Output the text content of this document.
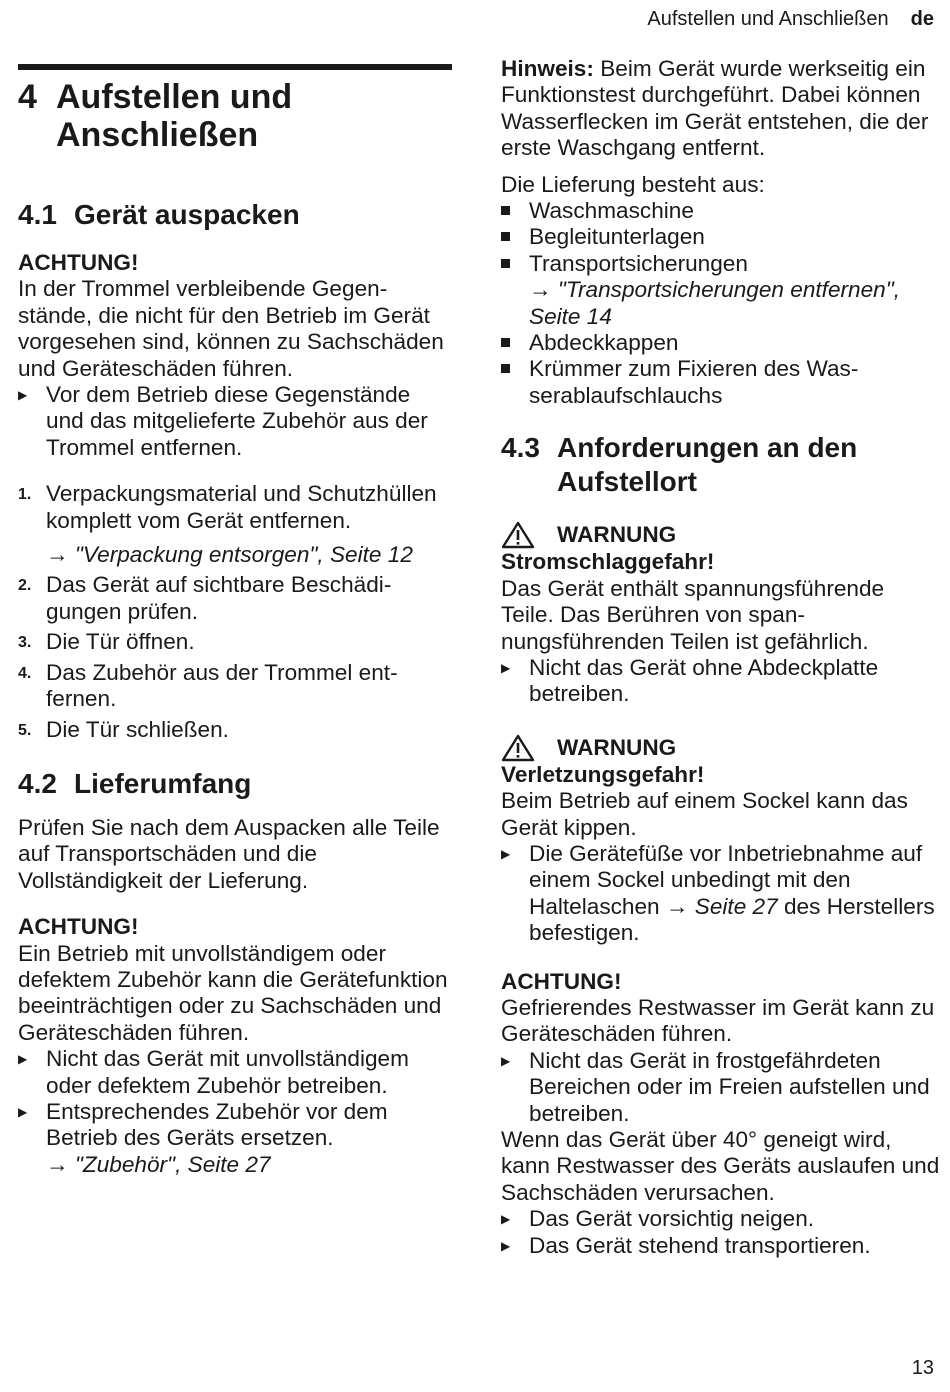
Aufstellen und Anschließen de
4 Aufstellen und
Anschließen
4.1 Gerät auspacken

ACHTUNG!

In der Trommel verbleibende Gegenstände, die nicht für den Betrieb im Gerät vorgesehen sind, können zu Sachschäden und Geräteschäden führen.

▶ Vor dem Betrieb diese Gegenstände und das mitgelieferte Zubehör aus der Trommel entfernen.

1. Verpackungsmaterial und Schutzhüllen komplett vom Gerät entfernen.

→ "Verpackung entsorgen", Seite 12

2. Das Gerät auf sichtbare Beschädigungen prüfen.

3. Die Tür öffnen.

4. Das Zubehör aus der Trommel entfernen.

5. Die Tür schließen.

4.2 Lieferumfang

Prüfen Sie nach dem Auspacken alle Teile auf Transportschäden und die Vollständigkeit der Lieferung.

ACHTUNG!

Ein Betrieb mit unvollständigem oder defektem Zubehör kann die Gerätefunktion beeinträchtigen oder zu Sachschäden und Geräteschäden führen.

▶ Nicht das Gerät mit unvollständigem oder defektem Zubehör betreiben.

▶ Entsprechendes Zubehör vor dem Betrieb des Geräts ersetzen.

→ "Zubehör", Seite 27

Hinweis: Beim Gerät wurde werkseitig ein Funktionstest durchgeführt. Dabei können Wasserflecken im Gerät entstehen, die der erste Waschgang entfernt.

Die Lieferung besteht aus:

Waschmaschine

Begleitunterlagen

Transportsicherungen

→ "Transportsicherungen entfernen", Seite 14

Abdeckkappen

Krümmer zum Fixieren des Wasserablaufschlauchs

4.3 Anforderungen an den
Aufstellort
WARNUNG

Stromschlaggefahr!

Das Gerät enthält spannungsführende Teile. Das Berühren von spannungsführenden Teilen ist gefährlich.

▶ Nicht das Gerät ohne Abdeckplatte betreiben.

WARNUNG

Verletzungsgefahr!

Beim Betrieb auf einem Sockel kann das Gerät kippen.

▶ Die Gerätefüße vor Inbetriebnahme auf einem Sockel unbedingt mit den Haltelaschen → Seite 27 des Herstellers befestigen.

ACHTUNG!

Gefrierendes Restwasser im Gerät kann zu Geräteschäden führen.

▶ Nicht das Gerät in frostgefährdeten Bereichen oder im Freien aufstellen und betreiben.

Wenn das Gerät über 40° geneigt wird, kann Restwasser des Geräts auslaufen und Sachschäden verursachen.

▶ Das Gerät vorsichtig neigen.

▶ Das Gerät stehend transportieren.

13
